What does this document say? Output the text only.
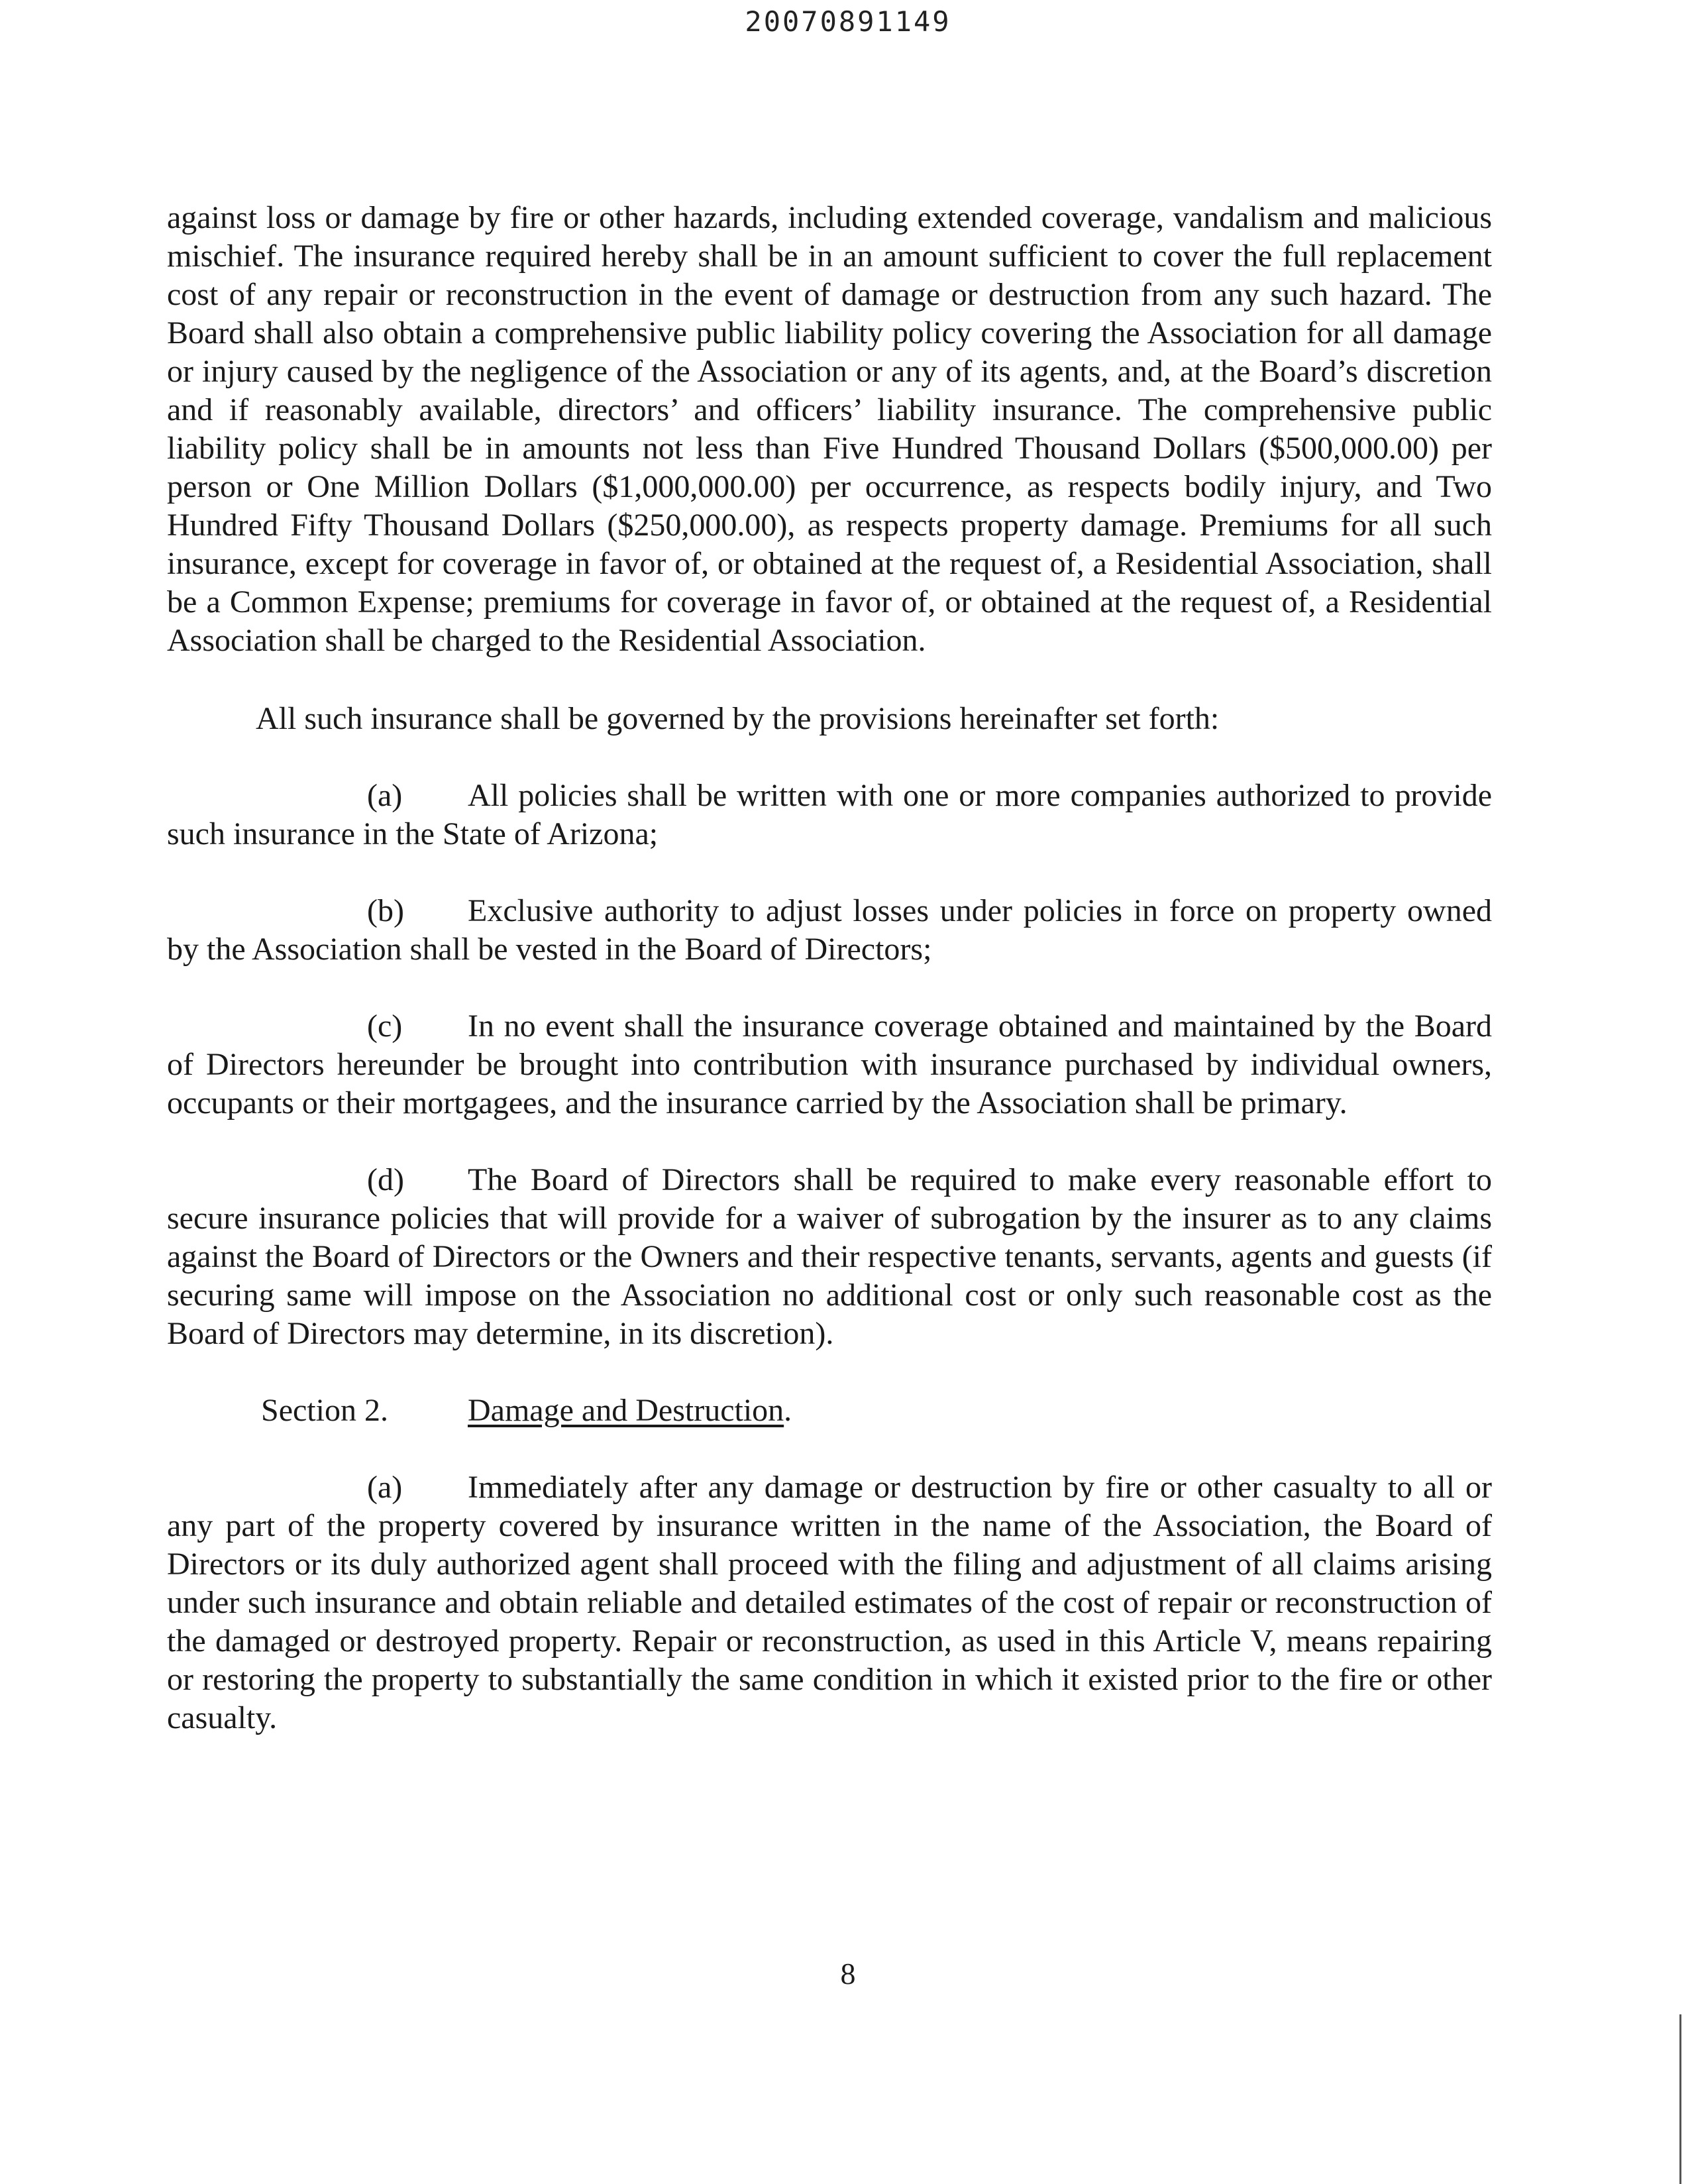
20070891149

against loss or damage by fire or other hazards, including extended coverage, vandalism and malicious mischief. The insurance required hereby shall be in an amount sufficient to cover the full replacement cost of any repair or reconstruction in the event of damage or destruction from any such hazard. The Board shall also obtain a comprehensive public liability policy covering the Association for all damage or injury caused by the negligence of the Association or any of its agents, and, at the Board’s discretion and if reasonably available, directors’ and officers’ liability insurance. The comprehensive public liability policy shall be in amounts not less than Five Hundred Thousand Dollars ($500,000.00) per person or One Million Dollars ($1,000,000.00) per occurrence, as respects bodily injury, and Two Hundred Fifty Thousand Dollars ($250,000.00), as respects property damage. Premiums for all such insurance, except for coverage in favor of, or obtained at the request of, a Residential Association, shall be a Common Expense; premiums for coverage in favor of, or obtained at the request of, a Residential Association shall be charged to the Residential Association.

All such insurance shall be governed by the provisions hereinafter set forth:

(a) All policies shall be written with one or more companies authorized to provide such insurance in the State of Arizona;

(b) Exclusive authority to adjust losses under policies in force on property owned by the Association shall be vested in the Board of Directors;

(c) In no event shall the insurance coverage obtained and maintained by the Board of Directors hereunder be brought into contribution with insurance purchased by individual owners, occupants or their mortgagees, and the insurance carried by the Association shall be primary.

(d) The Board of Directors shall be required to make every reasonable effort to secure insurance policies that will provide for a waiver of subrogation by the insurer as to any claims against the Board of Directors or the Owners and their respective tenants, servants, agents and guests (if securing same will impose on the Association no additional cost or only such reasonable cost as the Board of Directors may determine, in its discretion).

Section 2.	Damage and Destruction.

(a) Immediately after any damage or destruction by fire or other casualty to all or any part of the property covered by insurance written in the name of the Association, the Board of Directors or its duly authorized agent shall proceed with the filing and adjustment of all claims arising under such insurance and obtain reliable and detailed estimates of the cost of repair or reconstruction of the damaged or destroyed property. Repair or reconstruction, as used in this Article V, means repairing or restoring the property to substantially the same condition in which it existed prior to the fire or other casualty.

8
